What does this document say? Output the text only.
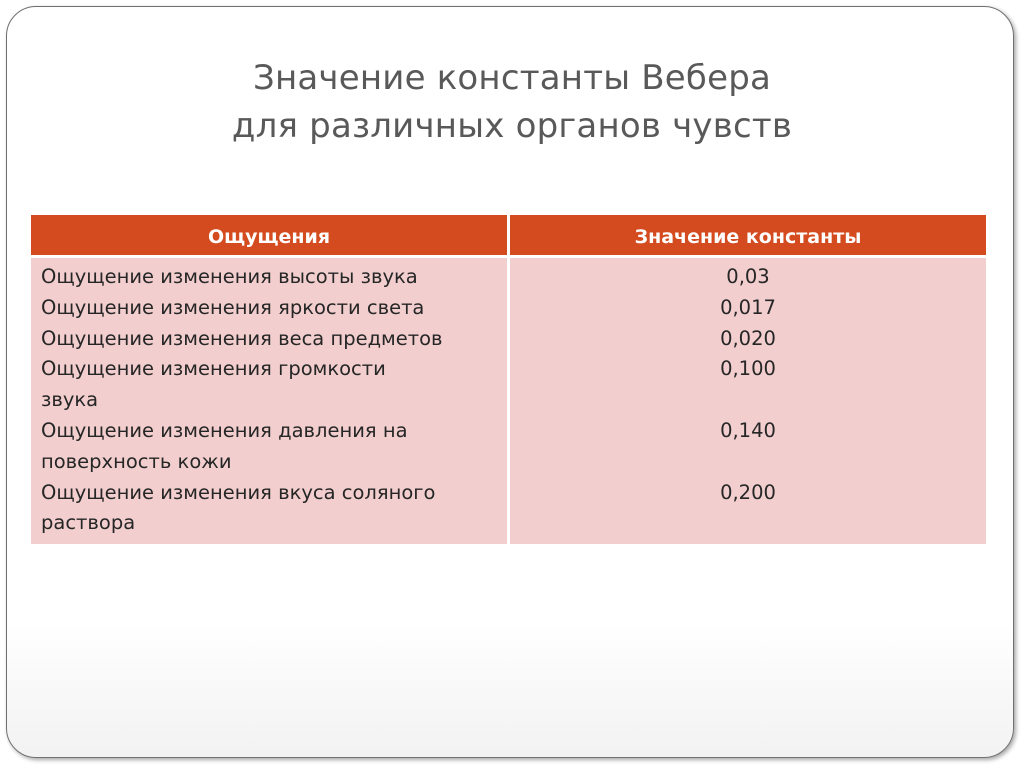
Значение константы Вебера
для различных органов чувств
Ощущения	Значение константы
Ощущение изменения высоты звука
Ощущение изменения яркости света
Ощущение изменения веса предметов
Ощущение изменения громкости
звука
Ощущение изменения давления на
поверхность кожи
Ощущение изменения вкуса соляного
раствора
0,03
0,017
0,020
0,100
0,140
0,200
